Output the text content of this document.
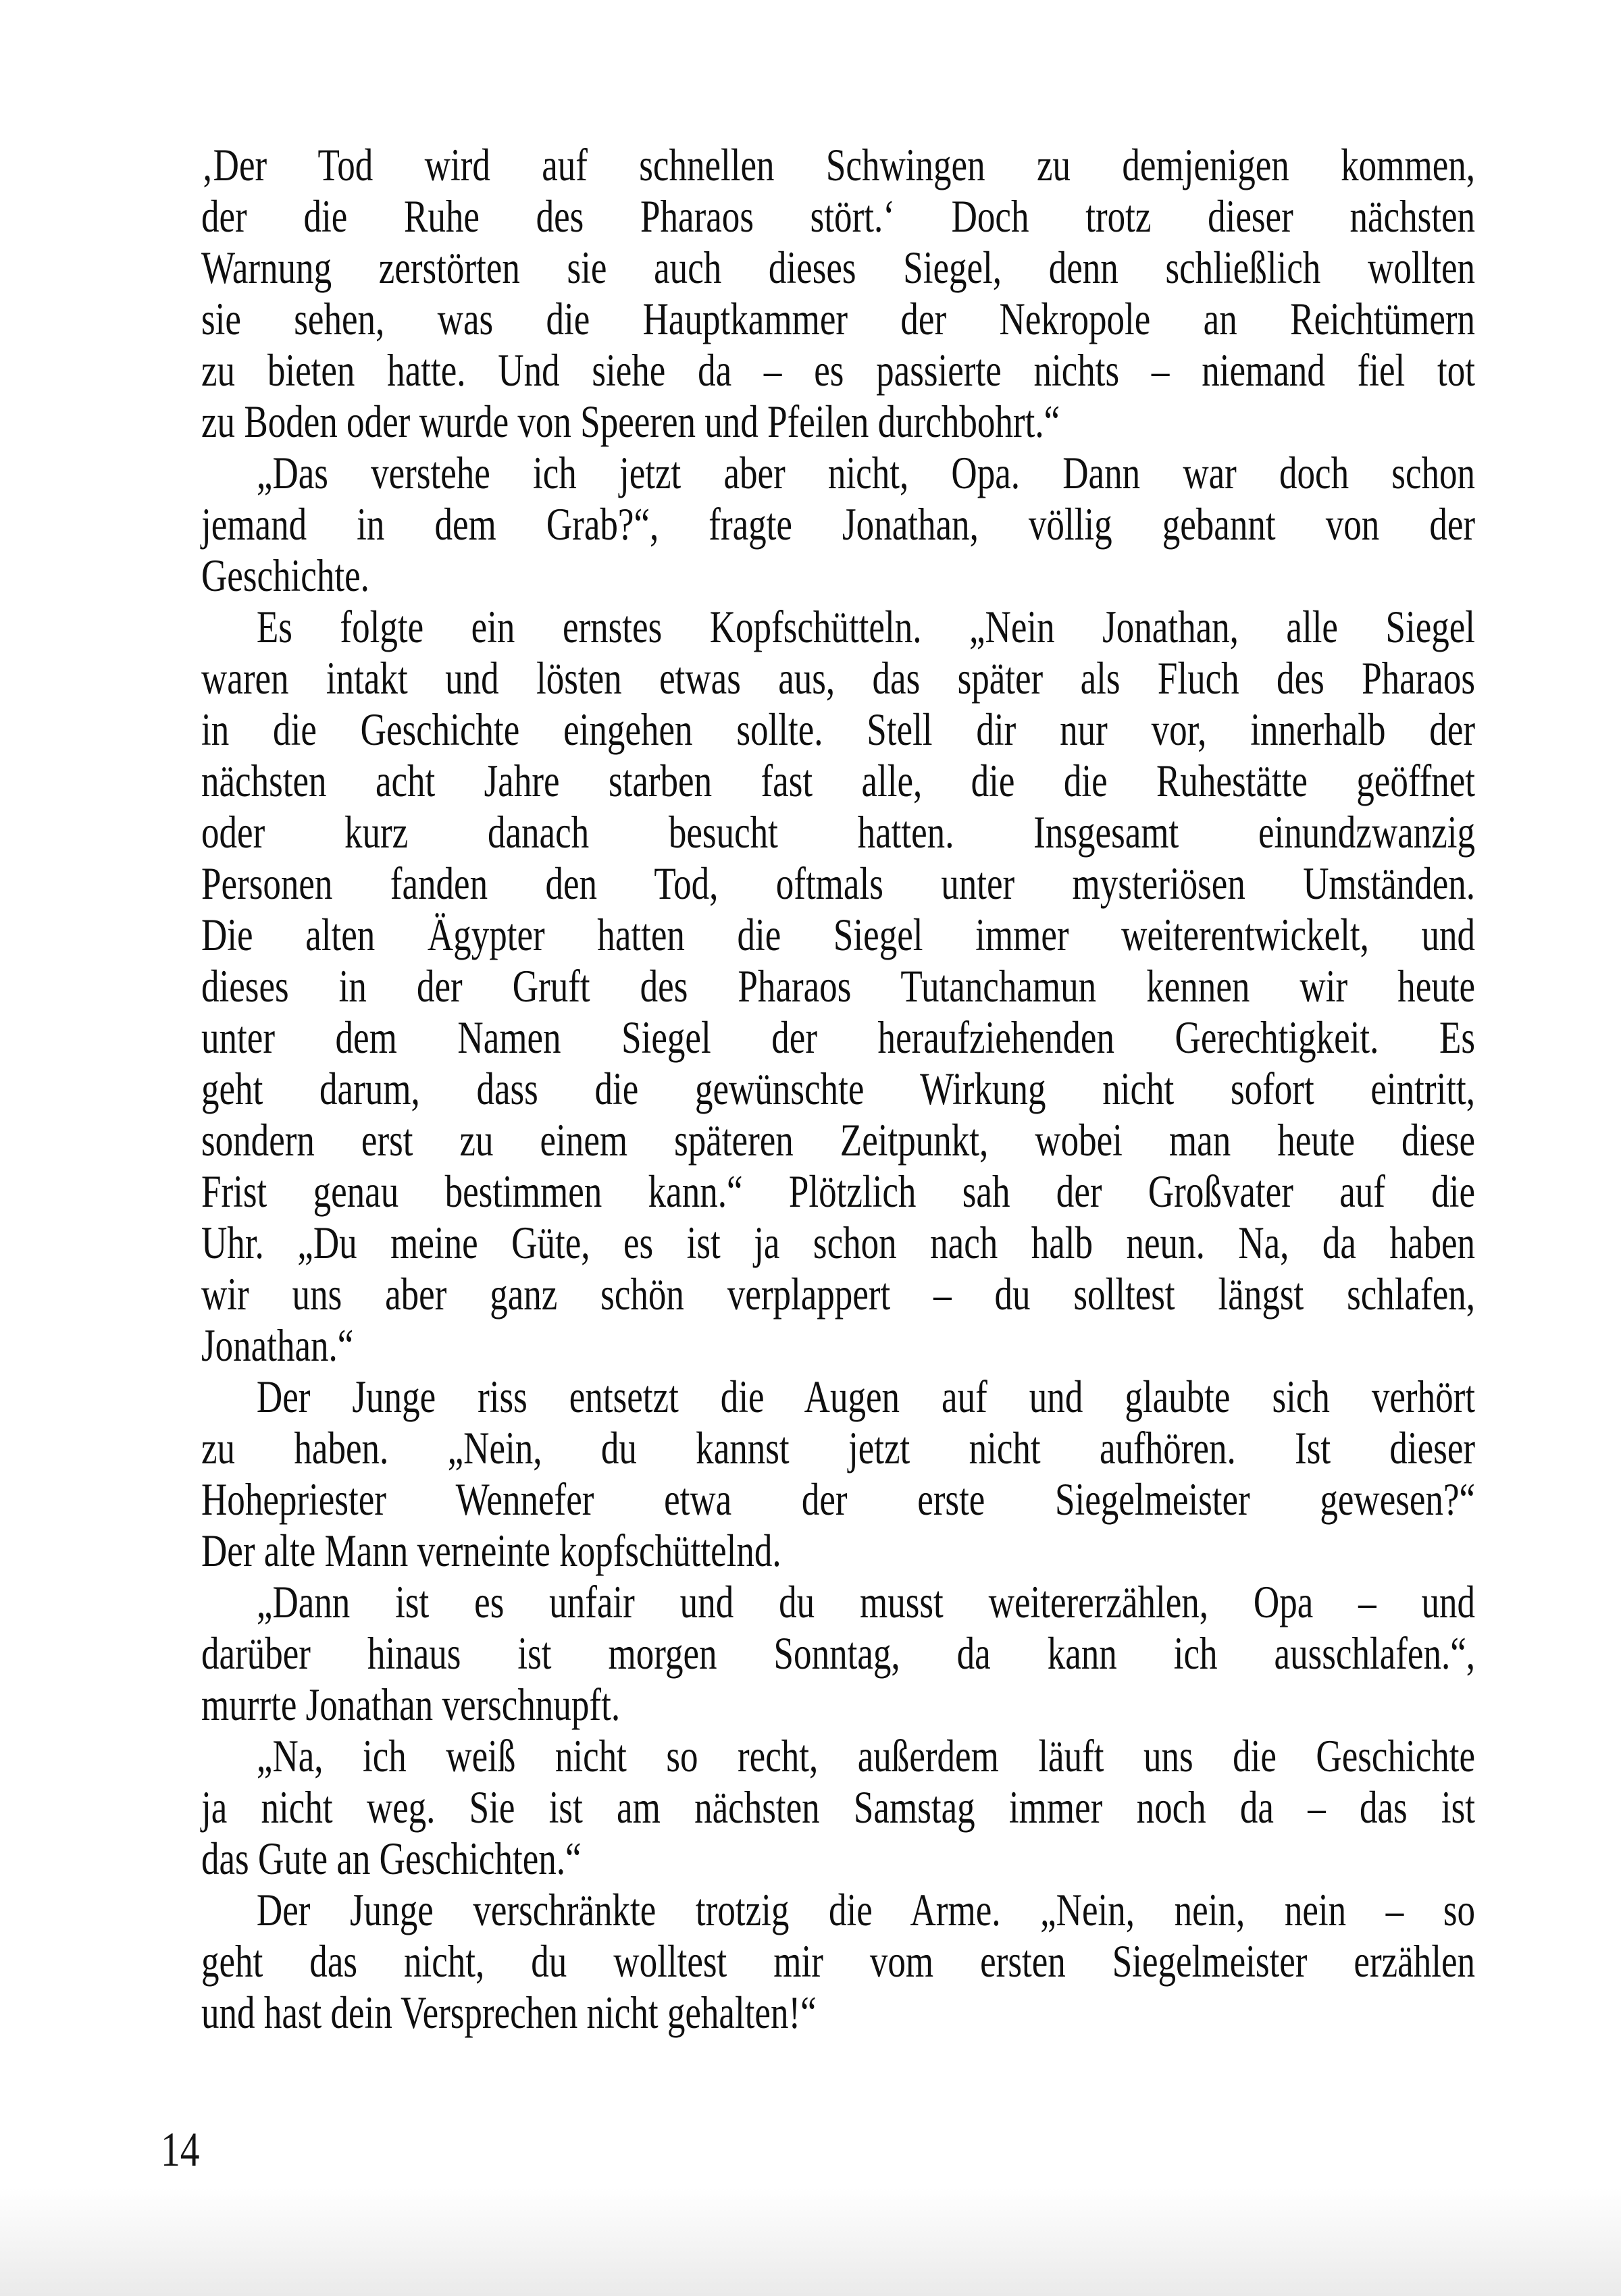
‚Der Tod wird auf schnellen Schwingen zu demjenigen kommen,
der die Ruhe des Pharaos stört.‘ Doch trotz dieser nächsten
Warnung zerstörten sie auch dieses Siegel, denn schließlich wollten
sie sehen, was die Hauptkammer der Nekropole an Reichtümern
zu bieten hatte. Und siehe da – es passierte nichts – niemand fiel tot
zu Boden oder wurde von Speeren und Pfeilen durchbohrt.“
„Das verstehe ich jetzt aber nicht, Opa. Dann war doch schon
jemand in dem Grab?“, fragte Jonathan, völlig gebannt von der
Geschichte.
Es folgte ein ernstes Kopfschütteln. „Nein Jonathan, alle Siegel
waren intakt und lösten etwas aus, das später als Fluch des Pharaos
in die Geschichte eingehen sollte. Stell dir nur vor, innerhalb der
nächsten acht Jahre starben fast alle, die die Ruhestätte geöffnet
oder kurz danach besucht hatten. Insgesamt einundzwanzig
Personen fanden den Tod, oftmals unter mysteriösen Umständen.
Die alten Ägypter hatten die Siegel immer weiterentwickelt, und
dieses in der Gruft des Pharaos Tutanchamun kennen wir heute
unter dem Namen Siegel der heraufziehenden Gerechtigkeit. Es
geht darum, dass die gewünschte Wirkung nicht sofort eintritt,
sondern erst zu einem späteren Zeitpunkt, wobei man heute diese
Frist genau bestimmen kann.“ Plötzlich sah der Großvater auf die
Uhr. „Du meine Güte, es ist ja schon nach halb neun. Na, da haben
wir uns aber ganz schön verplappert – du solltest längst schlafen,
Jonathan.“
Der Junge riss entsetzt die Augen auf und glaubte sich verhört
zu haben. „Nein, du kannst jetzt nicht aufhören. Ist dieser
Hohepriester Wennefer etwa der erste Siegelmeister gewesen?“
Der alte Mann verneinte kopfschüttelnd.
„Dann ist es unfair und du musst weitererzählen, Opa – und
darüber hinaus ist morgen Sonntag, da kann ich ausschlafen.“,
murrte Jonathan verschnupft.
„Na, ich weiß nicht so recht, außerdem läuft uns die Geschichte
ja nicht weg. Sie ist am nächsten Samstag immer noch da – das ist
das Gute an Geschichten.“
Der Junge verschränkte trotzig die Arme. „Nein, nein, nein – so
geht das nicht, du wolltest mir vom ersten Siegelmeister erzählen
und hast dein Versprechen nicht gehalten!“
14
